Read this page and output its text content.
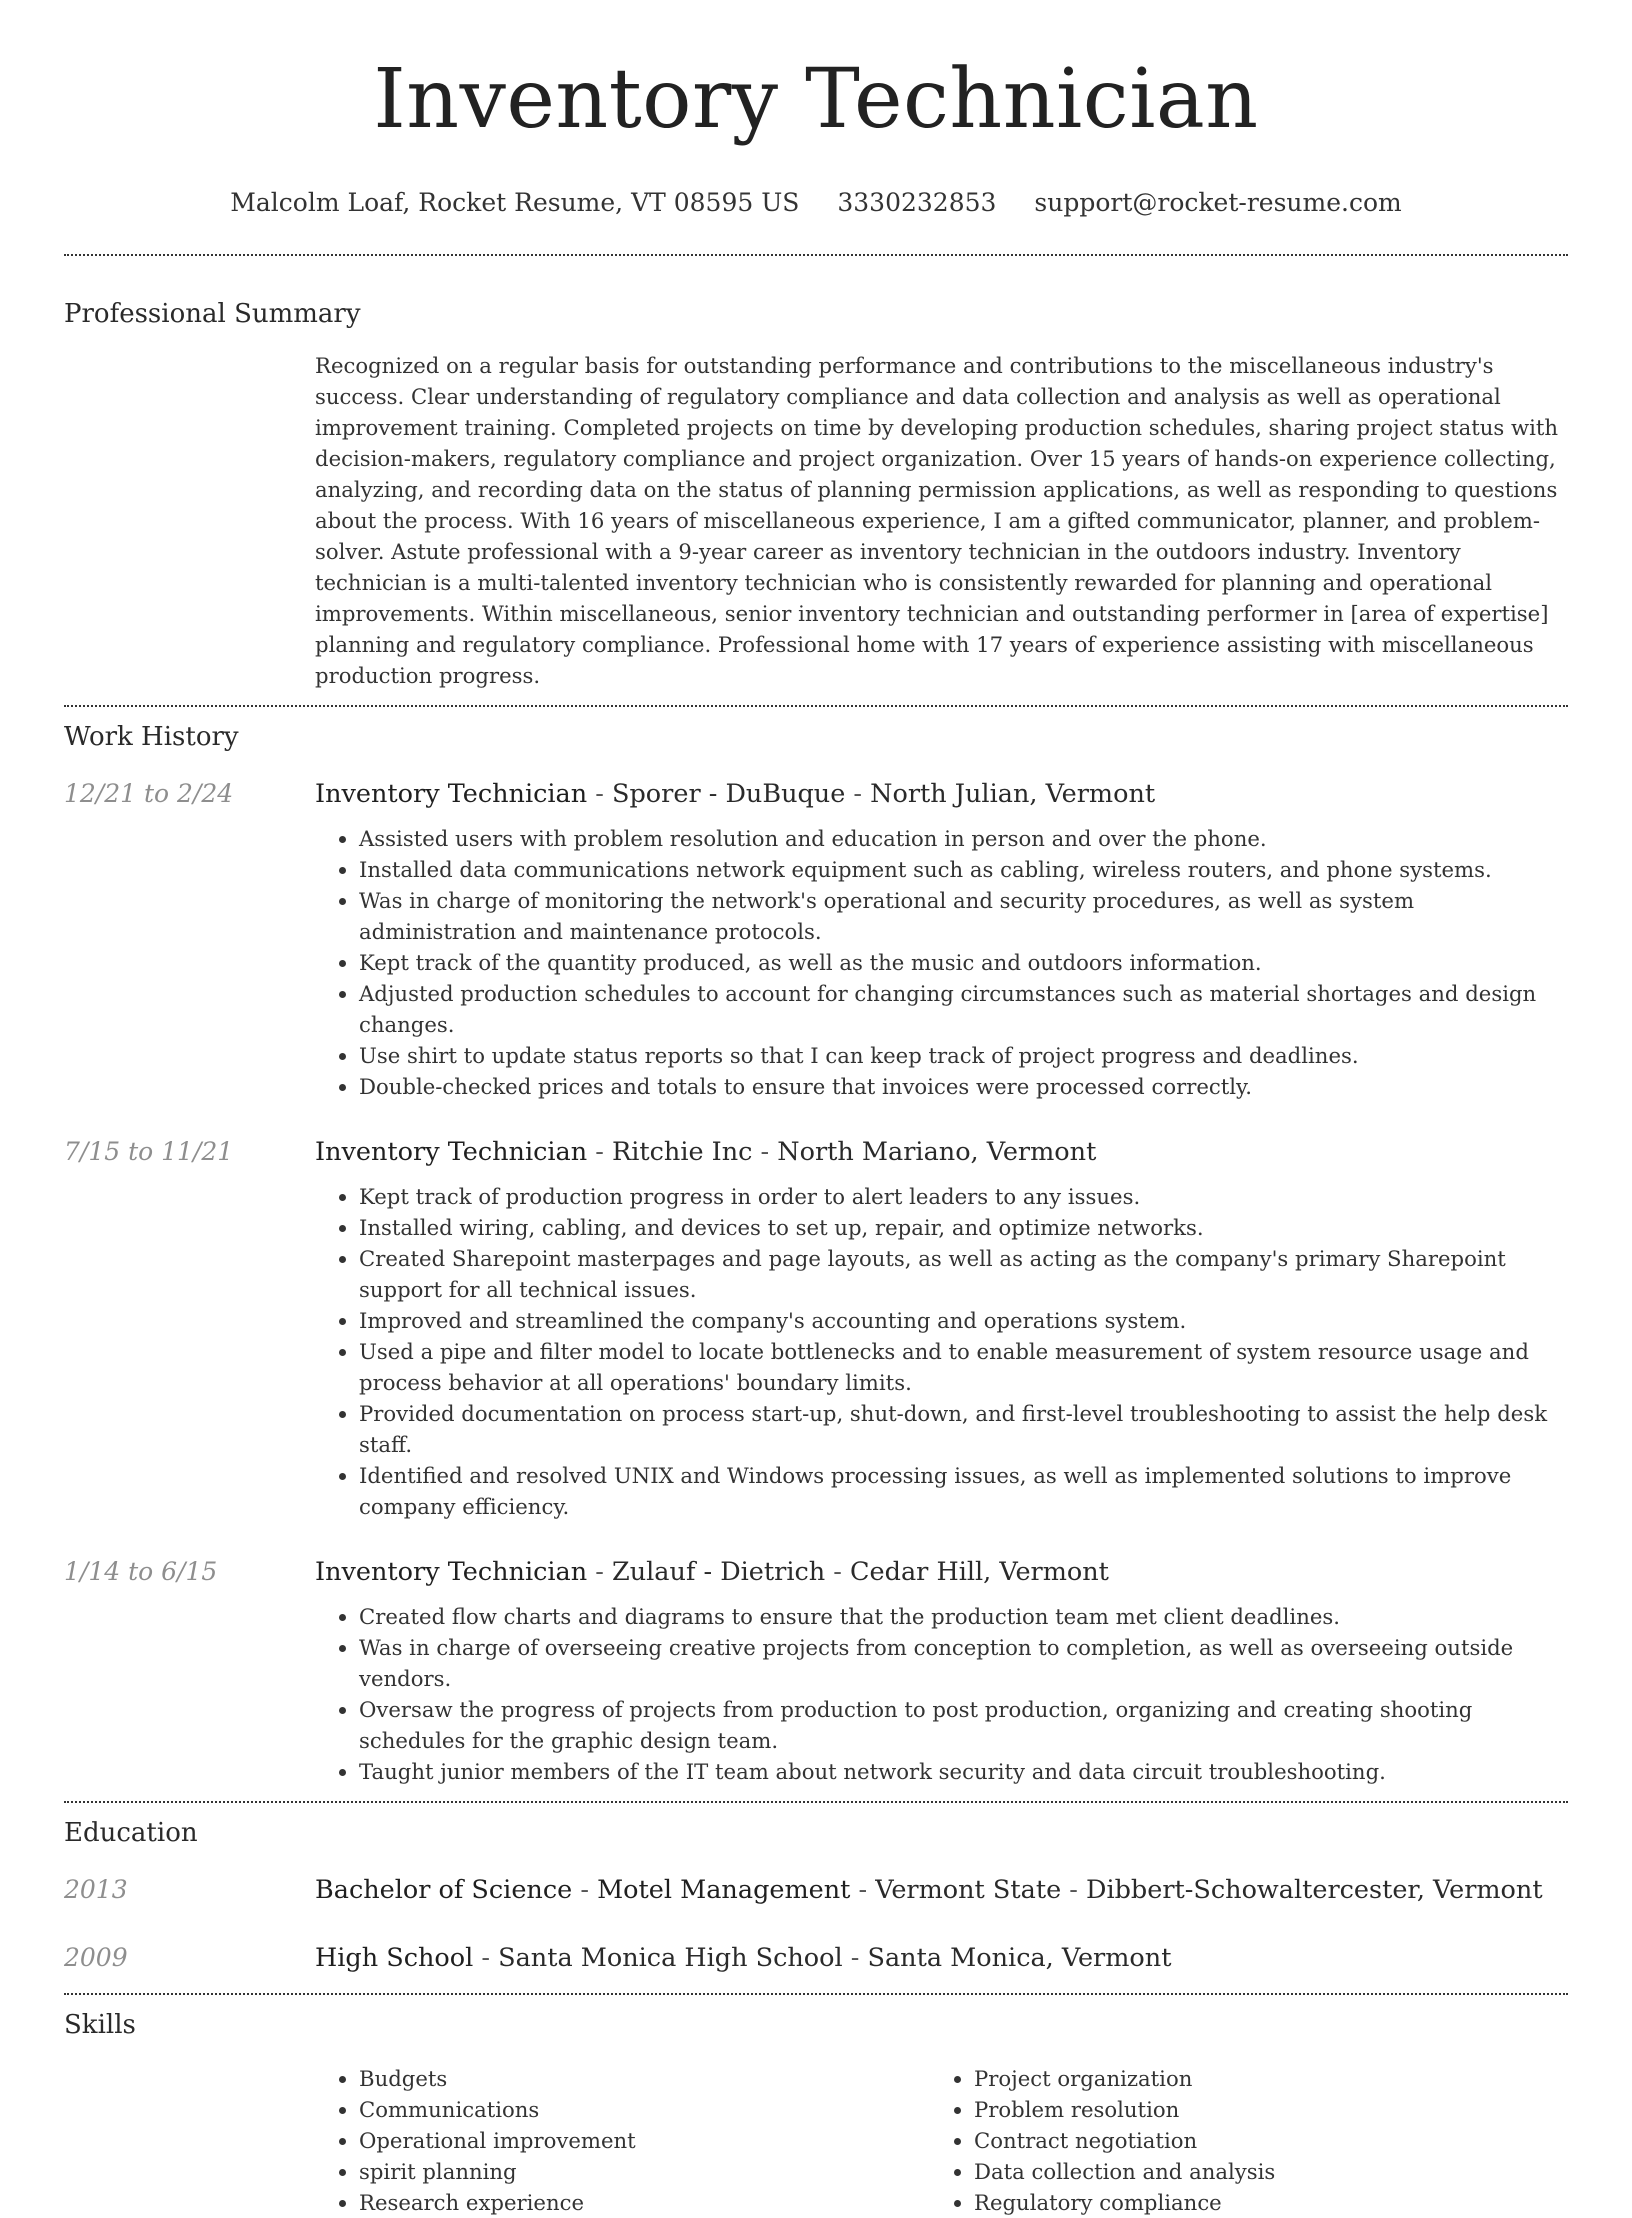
Inventory Technician
Malcolm Loaf, Rocket Resume, VT 08595 US 3330232853 support@rocket-resume.com
Professional Summary
Recognized on a regular basis for outstanding performance and contributions to the miscellaneous industry's success. Clear understanding of regulatory compliance and data collection and analysis as well as operational improvement training. Completed projects on time by developing production schedules, sharing project status with decision-makers, regulatory compliance and project organization. Over 15 years of hands-on experience collecting, analyzing, and recording data on the status of planning permission applications, as well as responding to questions about the process. With 16 years of miscellaneous experience, I am a gifted communicator, planner, and problem-solver. Astute professional with a 9-year career as inventory technician in the outdoors industry. Inventory technician is a multi-talented inventory technician who is consistently rewarded for planning and operational improvements. Within miscellaneous, senior inventory technician and outstanding performer in [area of expertise] planning and regulatory compliance. Professional home with 17 years of experience assisting with miscellaneous production progress.
Work History
12/21 to 2/24	Inventory Technician - Sporer - DuBuque - North Julian, Vermont
• Assisted users with problem resolution and education in person and over the phone.
• Installed data communications network equipment such as cabling, wireless routers, and phone systems.
• Was in charge of monitoring the network's operational and security procedures, as well as system administration and maintenance protocols.
• Kept track of the quantity produced, as well as the music and outdoors information.
• Adjusted production schedules to account for changing circumstances such as material shortages and design changes.
• Use shirt to update status reports so that I can keep track of project progress and deadlines.
• Double-checked prices and totals to ensure that invoices were processed correctly.
7/15 to 11/21	Inventory Technician - Ritchie Inc - North Mariano, Vermont
• Kept track of production progress in order to alert leaders to any issues.
• Installed wiring, cabling, and devices to set up, repair, and optimize networks.
• Created Sharepoint masterpages and page layouts, as well as acting as the company's primary Sharepoint support for all technical issues.
• Improved and streamlined the company's accounting and operations system.
• Used a pipe and filter model to locate bottlenecks and to enable measurement of system resource usage and process behavior at all operations' boundary limits.
• Provided documentation on process start-up, shut-down, and first-level troubleshooting to assist the help desk staff.
• Identified and resolved UNIX and Windows processing issues, as well as implemented solutions to improve company efficiency.
1/14 to 6/15	Inventory Technician - Zulauf - Dietrich - Cedar Hill, Vermont
• Created flow charts and diagrams to ensure that the production team met client deadlines.
• Was in charge of overseeing creative projects from conception to completion, as well as overseeing outside vendors.
• Oversaw the progress of projects from production to post production, organizing and creating shooting schedules for the graphic design team.
• Taught junior members of the IT team about network security and data circuit troubleshooting.
Education
2013	Bachelor of Science - Motel Management - Vermont State - Dibbert-Schowaltercester, Vermont
2009	High School - Santa Monica High School - Santa Monica, Vermont
Skills
• Budgets
• Communications
• Operational improvement
• spirit planning
• Research experience
• Project organization
• Problem resolution
• Contract negotiation
• Data collection and analysis
• Regulatory compliance
